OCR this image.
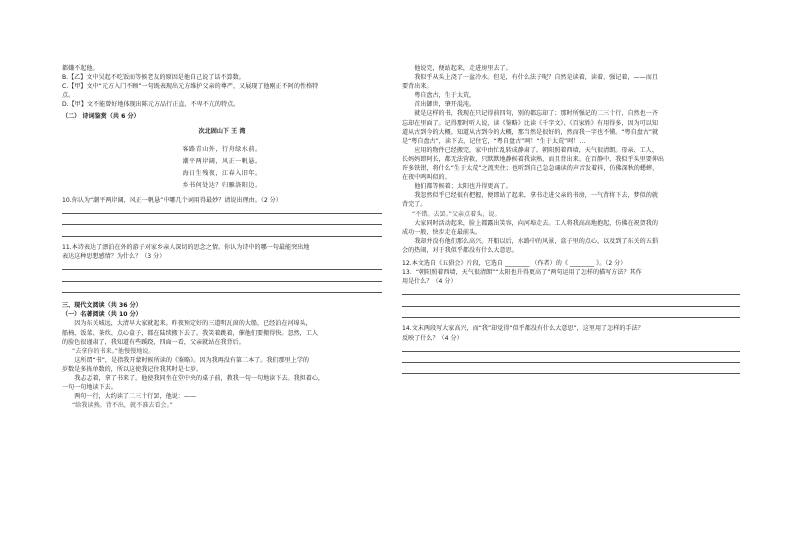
都嫌不起他。

B.【乙】文中吴起不吃饭而等候老友的原因是他自己说了话不算数。

C.【甲】文中“元方入门不顾”一句既表现出元方维护父亲的尊严，又展现了他刚正不阿的性格特

点。

D.【甲】文不能曾好地体现出陈元方品行正直、不卑不亢的特点。

（二） 诗词鉴赏（共 6 分）

次北固山下 王 湾

客路青山外，行舟绿水前。

潮平两岸阔，风正一帆悬。

海日生残夜，江春入旧年。

乡书何处达？归雁洛阳边。

10.你认为“潮平两岸阔，风正一帆悬”中哪几个词用得最妙？请说出理由。（2 分）

11.本诗表达了漂泊在外的游子对家乡亲人深切的思念之情。你认为诗中的哪一句最能突出地

表达这种思想感情？为什么？（3 分）

三、现代文阅读（共 36 分）

（一）名著阅读（共 10 分）

因为东关城远，大清早大家就起来。昨夜预定好的三道明瓦窗的大船，已经泊在河埠头，

船椅、饭菜、茶炊、点心盒子，都在陆续搬下去了。我笑着跳着，催他们要搬得快。忽然，工人

的脸色很谨肃了，我知道有些蹊跷，四面一看，父亲就站在我背后。

“去拿你的书来。”他慢慢地说。

这所谓“书”，是指我开蒙时候所读的《鉴略》。因为我再没有第二本了。我们那里上学的

岁数是多拣单数的，所以这使我记住我其时是七岁。

我忐忑着，拿了书来了。他使我同坐在堂中央的桌子前，教我一句一句地读下去。我担着心，

一句一句地读下去。

两句一行，大约读了二三十行罢，他说：——

“给我读熟。背不出，就不准去看会。”

他说完，便站起来，走进房里去了。

我似乎从头上浇了一盆冷水。但是，有什么法子呢？自然是读着，读着，强记着，——而且

要背出来。

粤自盘古，生于太荒，

首出御世，肇开混沌。

就是这样的书，我现在只记得前四句，别的都忘却了；那时所强记的二三十行，自然也一齐

忘却在里面了。记得那时听人说，读《鉴略》比读《千字文》、《百家姓》有用得多，因为可以知

道从古到今的大概。知道从古到今的大概，那当然是很好的，然而我一字也不懂。“粤自盘古”就

是“粤自盘古”，读下去，记住它，“粤自盘古”呵！“生于太荒”呵！…

应用的物件已经搬完，家中由忙乱转成静肃了。朝阳照着西墙，天气很清朗。母亲、工人、

长妈妈即阿长，都无法营救，只默默地静候着我读熟，而且背出来。在百静中，我似乎头里要伸出

许多铁钳，将什么“生于太荒”之流夹住；也听到自己急急诵读的声音发着抖，仿佛深秋的蟋蟀，

在夜中鸣叫似的。

他们都等候着；太阳也升得更高了。

我忽然似乎已经很有把握，便即站了起来，拿书走进父亲的书房，一气背将下去，梦似的就

背完了。

“不错。去罢。”父亲点着头，说。

大家同时活动起来，脸上都露出笑容，向河埠走去。工人将我高高地抱起，仿佛在祝贺我的

成功一般，快步走在最前头。

我却并没有他们那么高兴。开船以后，水路中的风景，盒子里的点心，以及到了东关的五猖

会的热闹，对于我似乎都没有什么大意思。

12.本文选自《五猖会》片段，它选自 ________ （作者）的《 ________ 》。（2 分）

13．“朝阳照着西墙，天气很清朗”“太阳也升得更高了”两句运用了怎样的描写方法？其作

用是什么？（4 分）

14.文末两段写大家高兴，而“我”却觉得“似乎都没有什么大意思”，这里用了怎样的手法？

反映了什么？（4 分）
